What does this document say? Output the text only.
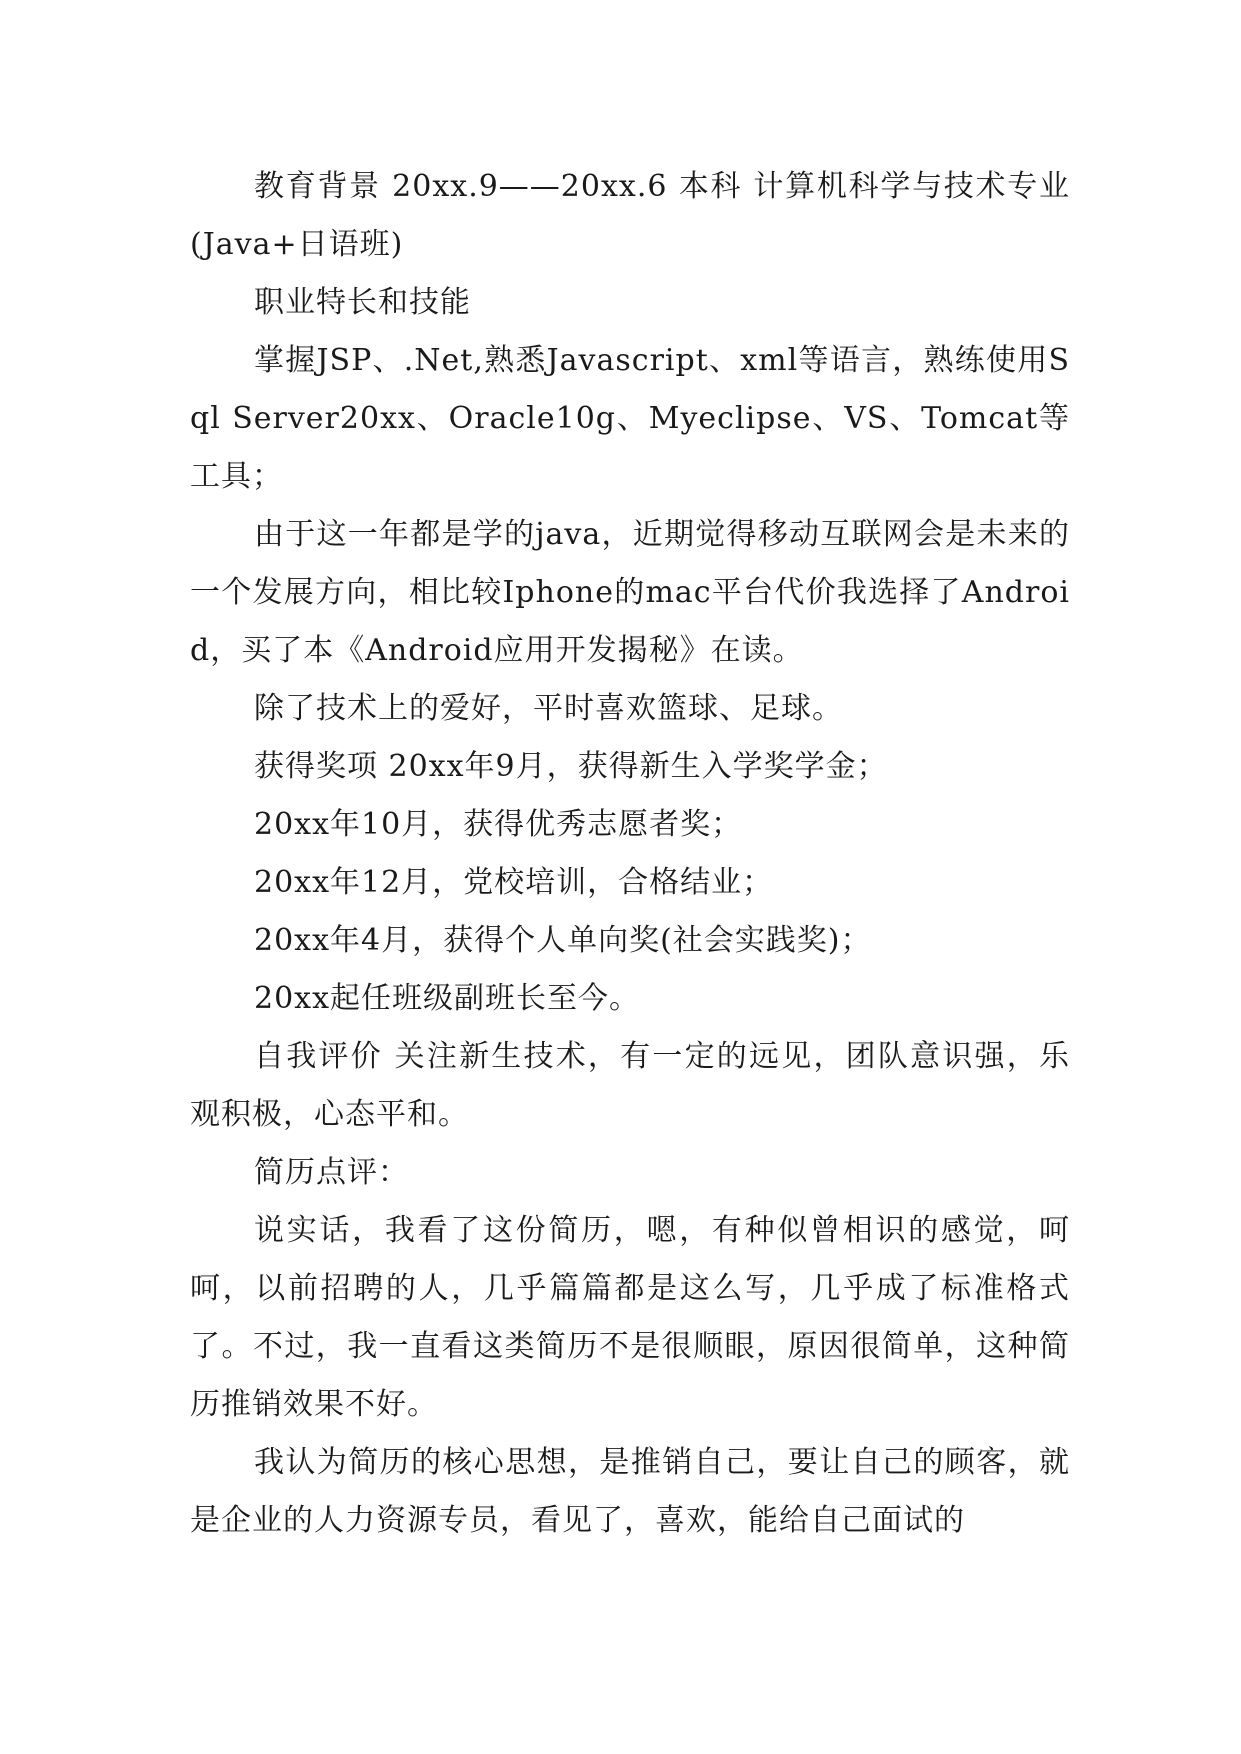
教育背景 20xx.9——20xx.6 本科 计算机科学与技术专业(Java+日语班)

职业特长和技能

掌握JSP、.Net,熟悉Javascript、xml等语言，熟练使用Sql Server20xx、Oracle10g、Myeclipse、VS、Tomcat等工具；

由于这一年都是学的java，近期觉得移动互联网会是未来的一个发展方向，相比较Iphone的mac平台代价我选择了Android，买了本《Android应用开发揭秘》在读。

除了技术上的爱好，平时喜欢篮球、足球。

获得奖项 20xx年9月，获得新生入学奖学金；

20xx年10月，获得优秀志愿者奖；

20xx年12月，党校培训，合格结业；

20xx年4月，获得个人单向奖(社会实践奖)；

20xx起任班级副班长至今。

自我评价 关注新生技术，有一定的远见，团队意识强，乐观积极，心态平和。

简历点评：

说实话，我看了这份简历，嗯，有种似曾相识的感觉，呵呵，以前招聘的人，几乎篇篇都是这么写，几乎成了标准格式了。不过，我一直看这类简历不是很顺眼，原因很简单，这种简历推销效果不好。

我认为简历的核心思想，是推销自己，要让自己的顾客，就是企业的人力资源专员，看见了，喜欢，能给自己面试的
